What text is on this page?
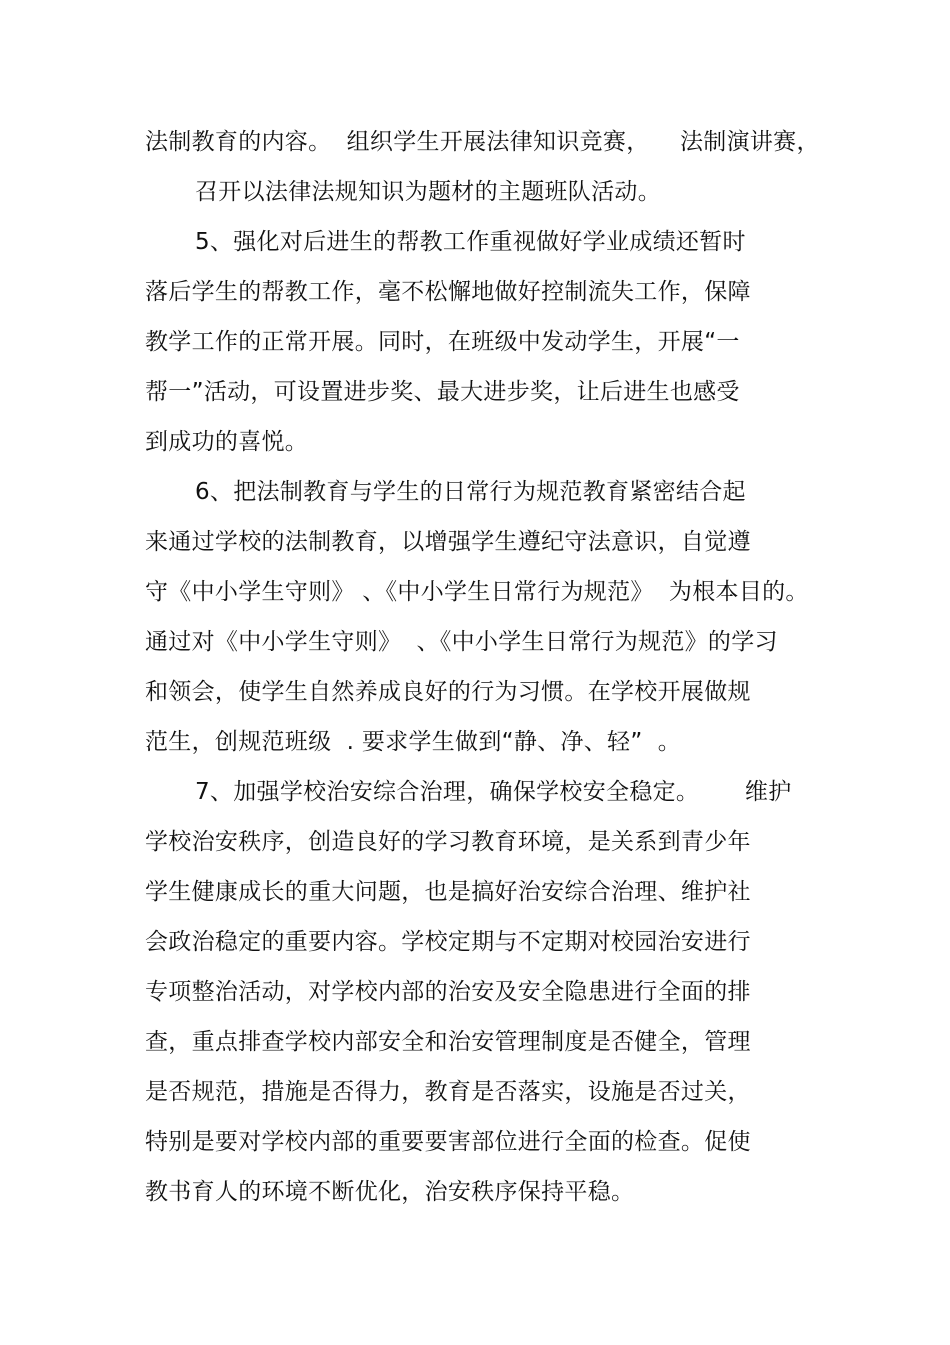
法制教育的内容。  组织学生开展法律知识竞赛，    法制演讲赛，
召开以法律法规知识为题材的主题班队活动。
5、强化对后进生的帮教工作重视做好学业成绩还暂时
落后学生的帮教工作，毫不松懈地做好控制流失工作，保障
教学工作的正常开展。同时，在班级中发动学生，开展“一
帮一”活动，可设置进步奖、最大进步奖，让后进生也感受
到成功的喜悦。
6、把法制教育与学生的日常行为规范教育紧密结合起
来通过学校的法制教育，以增强学生遵纪守法意识，自觉遵
守《中小学生守则》 、《中小学生日常行为规范》  为根本目的。
通过对《中小学生守则》  、《中小学生日常行为规范》的学习
和领会，使学生自然养成良好的行为习惯。在学校开展做规
范生，创规范班级  . 要求学生做到“静、净、轻”  。
7、加强学校治安综合治理，确保学校安全稳定。      维护
学校治安秩序，创造良好的学习教育环境，是关系到青少年
学生健康成长的重大问题，也是搞好治安综合治理、维护社
会政治稳定的重要内容。学校定期与不定期对校园治安进行
专项整治活动，对学校内部的治安及安全隐患进行全面的排
查，重点排查学校内部安全和治安管理制度是否健全，管理
是否规范，措施是否得力，教育是否落实，设施是否过关，
特别是要对学校内部的重要要害部位进行全面的检查。促使
教书育人的环境不断优化，治安秩序保持平稳。
